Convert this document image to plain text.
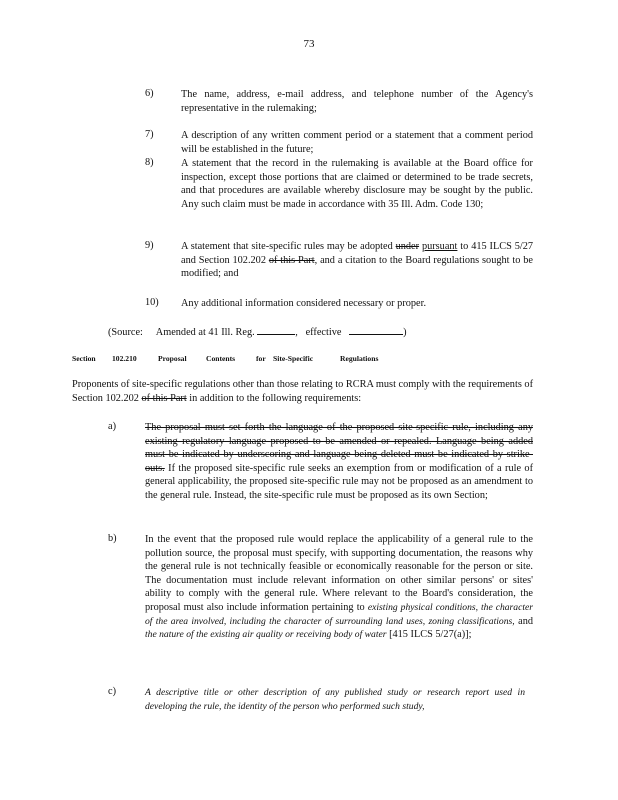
73
6)	The name, address, e-mail address, and telephone number of the Agency's representative in the rulemaking;
7)	A description of any written comment period or a statement that a comment period will be established in the future;
8)	A statement that the record in the rulemaking is available at the Board office for inspection, except those portions that are claimed or determined to be trade secrets, and that procedures are available whereby disclosure may be sought by the public. Any such claim must be made in accordance with 35 Ill. Adm. Code 130;
9)	A statement that site-specific rules may be adopted under pursuant to 415 ILCS 5/27 and Section 102.202 of this Part, and a citation to the Board regulations sought to be modified; and
10) Any additional information considered necessary or proper.
(Source: Amended at 41 Ill. Reg.	, effective	)
Section 102.210	Proposal	Contents	for Site-Specific	Regulations
Proponents of site-specific regulations other than those relating to RCRA must comply with the requirements of Section 102.202 of this Part in addition to the following requirements:
a)	The proposal must set forth the language of the proposed site-specific rule, including any existing regulatory language proposed to be amended or repealed. Language being added must be indicated by underscoring and language being deleted must be indicated by strike-outs. If the proposed site-specific rule seeks an exemption from or modification of a rule of general applicability, the proposed site-specific rule may not be proposed as an amendment to the general rule. Instead, the site-specific rule must be proposed as its own Section;
b)	In the event that the proposed rule would replace the applicability of a general rule to the pollution source, the proposal must specify, with supporting documentation, the reasons why the general rule is not technically feasible or economically reasonable for the person or site. The documentation must include relevant information on other similar persons' or sites' ability to comply with the general rule. Where relevant to the Board's consideration, the proposal must also include information pertaining to existing physical conditions, the character of the area involved, including the character of surrounding land uses, zoning classifications, and the nature of the existing air quality or receiving body of water [415 ILCS 5/27(a)];
c)	A descriptive title or other description of any published study or research report used in developing the rule, the identity of the person who performed such study,
